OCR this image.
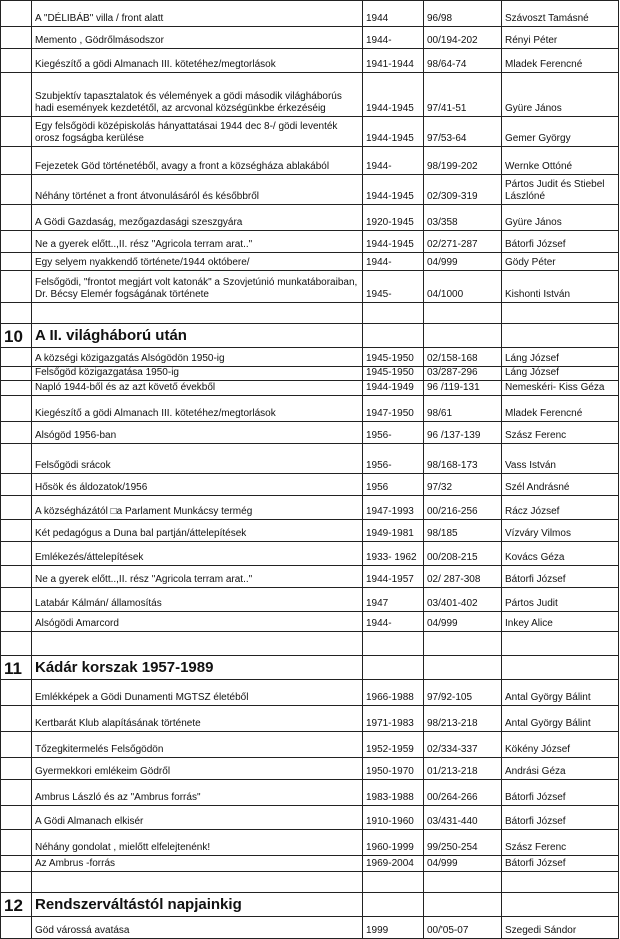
	A "DÉLIBÁB" villa / front alatt	1944	96/98	Szávoszt Tamásné
	Memento , Gödrőlmásodszor	1944-	00/194-202	Rényi Péter
	Kiegészítő a gödi Almanach III. kötetéhez/megtorlások	1941-1944	98/64-74	Mladek Ferencné
	Szubjektív tapasztalatok és vélemények a gödi második világháborús hadi események kezdetétől, az arcvonal községünkbe érkezéséig	1944-1945	97/41-51	Gyüre János
	Egy felsőgödi középiskolás hányattatásai 1944 dec 8-/ gödi leventék orosz fogságba kerülése	1944-1945	97/53-64	Gemer György
	Fejezetek Göd történetéből, avagy a front a községháza ablakából	1944-	98/199-202	Wernke Ottóné
	Néhány történet a front átvonulásáról és későbbről	1944-1945	02/309-319	Pártos Judit és Stiebel Lászlóné
	A Gödi Gazdaság, mezőgazdasági szeszgyára	1920-1945	03/358	Gyüre János
	Ne a gyerek előtt..,II. rész "Agricola terram arat.."	1944-1945	02/271-287	Bátorfi József
	Egy selyem nyakkendő története/1944 októbere/	1944-	04/999	Gödy Péter
	Felsőgödi, "frontot megjárt volt katonák" a Szovjetúnió munkatáboraiban, Dr. Bécsy Elemér fogságának története	1945-	04/1000	Kishonti István

10	A II. világháború után			
	A községi közigazgatás Alsógödön 1950-ig	1945-1950	02/158-168	Láng József
	Felsőgöd közigazgatása 1950-ig	1945-1950	03/287-296	Láng József
	Napló 1944-ből és az azt követő évekből	1944-1949	96 /119-131	Nemeskéri- Kiss Géza
	Kiegészítő a gödi Almanach III. kötetéhez/megtorlások	1947-1950	98/61	Mladek Ferencné
	Alsógöd 1956-ban	1956-	96 /137-139	Szász Ferenc
	Felsőgödi srácok	1956-	98/168-173	Vass István
	Hősök és áldozatok/1956	1956	97/32	Szél Andrásné
	A községházától □a Parlament Munkácsy termég	1947-1993	00/216-256	Rácz József
	Két pedagógus a Duna bal partján/áttelepítések	1949-1981	98/185	Vízváry Vilmos
	Emlékezés/áttelepítések	1933- 1962	00/208-215	Kovács Géza
	Ne a gyerek előtt..,II. rész "Agricola terram arat.."	1944-1957	02/ 287-308	Bátorfi József
	Latabár Kálmán/ államosítás	1947	03/401-402	Pártos Judit
	Alsógödi Amarcord	1944-	04/999	Inkey Alice

11	Kádár korszak 1957-1989			
	Emlékképek a Gödi Dunamenti MGTSZ életéből	1966-1988	97/92-105	Antal György Bálint
	Kertbarát Klub alapításának története	1971-1983	98/213-218	Antal György Bálint
	Tőzegkitermelés Felsőgödön	1952-1959	02/334-337	Kökény József
	Gyermekkori emlékeim Gödről	1950-1970	01/213-218	Andrási Géza
	Ambrus László és az "Ambrus forrás"	1983-1988	00/264-266	Bátorfi József
	A Gödi Almanach elkisér	1910-1960	03/431-440	Bátorfi József
	Néhány gondolat , mielőtt elfelejtenénk!	1960-1999	99/250-254	Szász Ferenc
	Az Ambrus -forrás	1969-2004	04/999	Bátorfi József

12	Rendszerváltástól napjainkig			
	Göd várossá avatása	1999	00/'05-07	Szegedi Sándor
